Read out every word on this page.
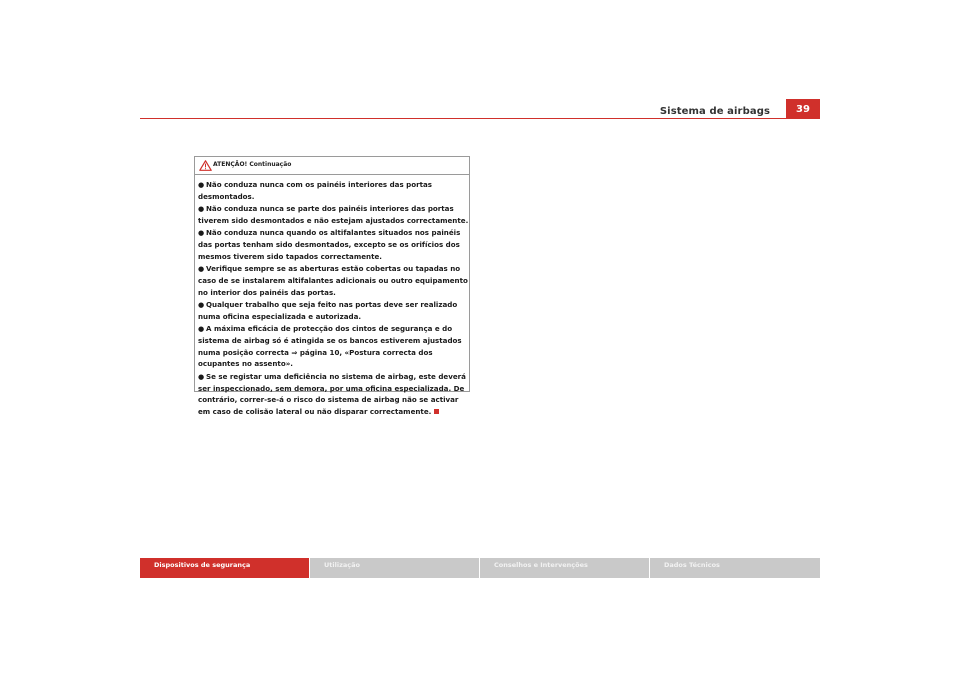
Sistema de airbags	39
ATENÇÃO! Continuação
● Não conduza nunca com os painéis interiores das portas desmontados.
● Não conduza nunca se parte dos painéis interiores das portas tiverem sido desmontados e não estejam ajustados correctamente.
● Não conduza nunca quando os altifalantes situados nos painéis das portas tenham sido desmontados, excepto se os orifícios dos mesmos tiverem sido tapados correctamente.
● Verifique sempre se as aberturas estão cobertas ou tapadas no caso de se instalarem altifalantes adicionais ou outro equipamento no interior dos painéis das portas.
● Qualquer trabalho que seja feito nas portas deve ser realizado numa oficina especializada e autorizada.
● A máxima eficácia de protecção dos cintos de segurança e do sistema de airbag só é atingida se os bancos estiverem ajustados numa posição correcta ⇒ página 10, «Postura correcta dos ocupantes no assento».
● Se se registar uma deficiência no sistema de airbag, este deverá ser inspeccionado, sem demora, por uma oficina especializada. De contrário, correr-se-á o risco do sistema de airbag não se activar em caso de colisão lateral ou não disparar correctamente.
Dispositivos de segurança	Utilização	Conselhos e Intervenções	Dados Técnicos
